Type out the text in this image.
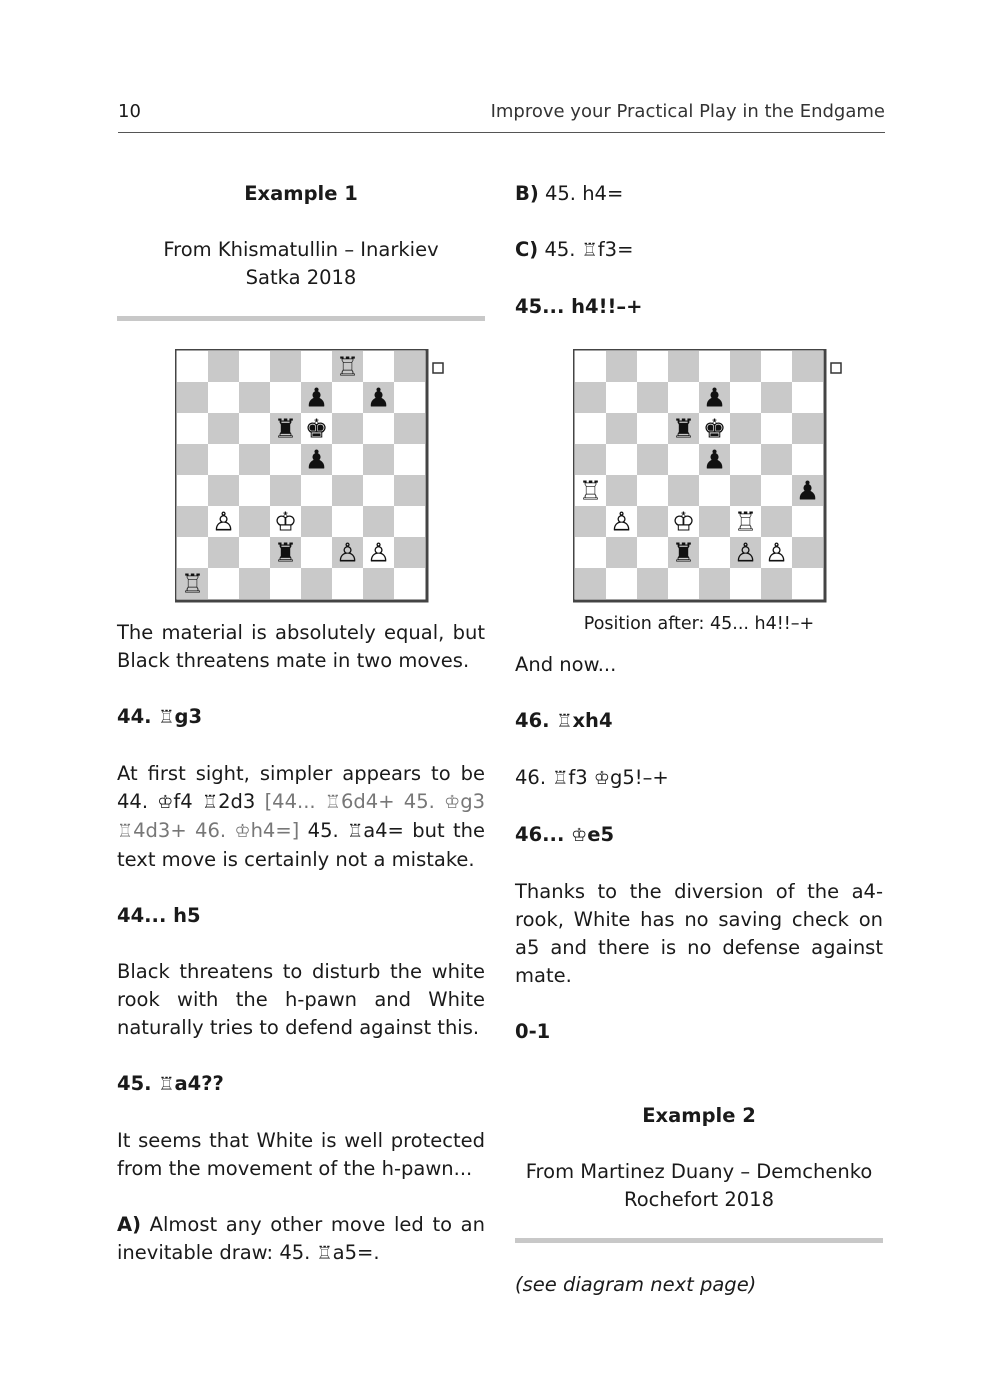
10	Improve your Practical Play in the Endgame

Example 1

From Khismatullin – Inarkiev
Satka 2018

♖
♟ ♟
♜ ♚
♟
♙ ♔
♜ ♙ ♙
♖

The material is absolutely equal, but Black threatens mate in two moves.

44. ♖g3

At first sight, simpler appears to be 44. ♔f4 ♖2d3 [44... ♖6d4+ 45. ♔g3 ♖4d3+ 46. ♔h4=] 45. ♖a4= but the text move is certainly not a mistake.

44... h5

Black threatens to disturb the white rook with the h-pawn and White naturally tries to defend against this.

45. ♖a4??

It seems that White is well protected from the movement of the h-pawn...

A) Almost any other move led to an inevitable draw: 45. ♖a5=.

B) 45. h4=

C) 45. ♖f3=

45... h4!!–+

♟
♜ ♚
♟
♖	♟
♙ ♔ ♖
♜ ♙ ♙
Position after: 45... h4!!–+

And now...

46. ♖xh4

46. ♖f3 ♔g5!–+

46... ♔e5

Thanks to the diversion of the a4-rook, White has no saving check on a5 and there is no defense against mate.

0-1

Example 2

From Martinez Duany – Demchenko
Rochefort 2018

(see diagram next page)
